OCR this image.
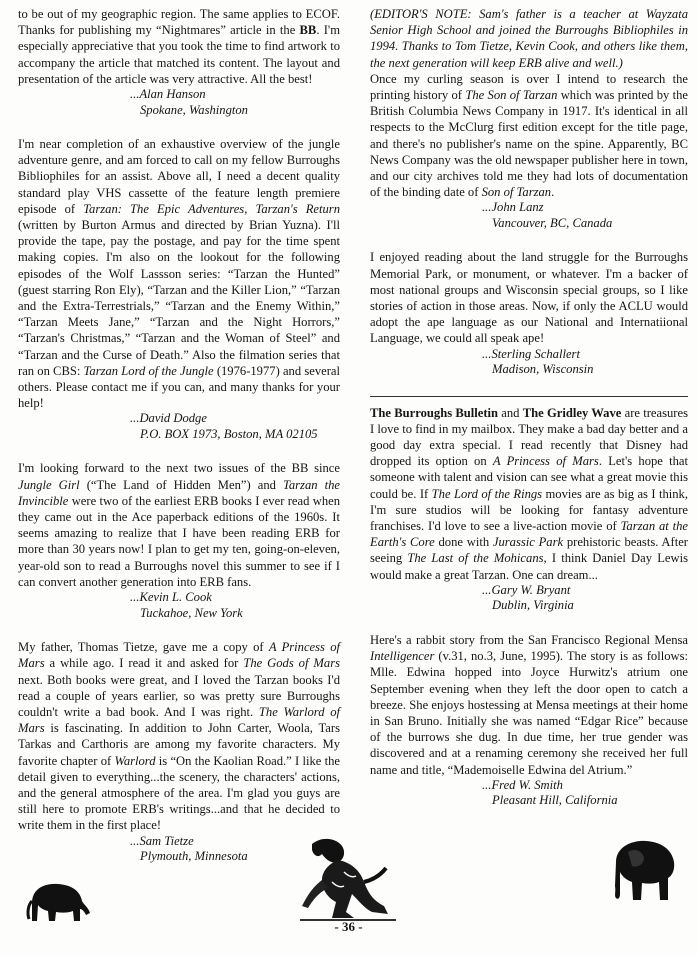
to be out of my geographic region. The same applies to ECOF. Thanks for publishing my “Nightmares” article in the BB. I'm especially appreciative that you took the time to find artwork to accompany the article that matched its content. The layout and presentation of the article was very attractive. All the best!

...Alan Hanson
Spokane, Washington

I'm near completion of an exhaustive overview of the jungle adventure genre, and am forced to call on my fellow Burroughs Bibliophiles for an assist. Above all, I need a decent quality standard play VHS cassette of the feature length premiere episode of Tarzan: The Epic Adventures, Tarzan's Return (written by Burton Armus and directed by Brian Yuzna). I'll provide the tape, pay the postage, and pay for the time spent making copies. I'm also on the lookout for the following episodes of the Wolf Lassson series: “Tarzan the Hunted” (guest starring Ron Ely), “Tarzan and the Killer Lion,” “Tarzan and the Extra-Terrestrials,” “Tarzan and the Enemy Within,” “Tarzan Meets Jane,” “Tarzan and the Night Horrors,” “Tarzan's Christmas,” “Tarzan and the Woman of Steel” and “Tarzan and the Curse of Death.” Also the filmation series that ran on CBS: Tarzan Lord of the Jungle (1976-1977) and several others. Please contact me if you can, and many thanks for your help!

...David Dodge
P.O. BOX 1973, Boston, MA 02105

I'm looking forward to the next two issues of the BB since Jungle Girl (“The Land of Hidden Men”) and Tarzan the Invincible were two of the earliest ERB books I ever read when they came out in the Ace paperback editions of the 1960s. It seems amazing to realize that I have been reading ERB for more than 30 years now! I plan to get my ten, going-on-eleven, year-old son to read a Burroughs novel this summer to see if I can convert another generation into ERB fans.

...Kevin L. Cook
Tuckahoe, New York

My father, Thomas Tietze, gave me a copy of A Princess of Mars a while ago. I read it and asked for The Gods of Mars next. Both books were great, and I loved the Tarzan books I'd read a couple of years earlier, so was pretty sure Burroughs couldn't write a bad book. And I was right. The Warlord of Mars is fascinating. In addition to John Carter, Woola, Tars Tarkas and Carthoris are among my favorite characters. My favorite chapter of Warlord is “On the Kaolian Road.” I like the detail given to everything...the scenery, the characters' actions, and the general atmosphere of the area. I'm glad you guys are still here to promote ERB's writings...and that he decided to write them in the first place!

...Sam Tietze
Plymouth, Minnesota

(EDITOR'S NOTE: Sam's father is a teacher at Wayzata Senior High School and joined the Burroughs Bibliophiles in 1994. Thanks to Tom Tietze, Kevin Cook, and others like them, the next generation will keep ERB alive and well.)

Once my curling season is over I intend to research the printing history of The Son of Tarzan which was printed by the British Columbia News Company in 1917. It's identical in all respects to the McClurg first edition except for the title page, and there's no publisher's name on the spine. Apparently, BC News Company was the old newspaper publisher here in town, and our city archives told me they had lots of documentation of the binding date of Son of Tarzan.

...John Lanz
Vancouver, BC, Canada

I enjoyed reading about the land struggle for the Burroughs Memorial Park, or monument, or whatever. I'm a backer of most national groups and Wisconsin special groups, so I like stories of action in those areas. Now, if only the ACLU would adopt the ape language as our National and Internatiional Language, we could all speak ape!

...Sterling Schallert
Madison, Wisconsin

The Burroughs Bulletin and The Gridley Wave are treasures I love to find in my mailbox. They make a bad day better and a good day extra special. I read recently that Disney had dropped its option on A Princess of Mars. Let's hope that someone with talent and vision can see what a great movie this could be. If The Lord of the Rings movies are as big as I think, I'm sure studios will be looking for fantasy adventure franchises. I'd love to see a live-action movie of Tarzan at the Earth's Core done with Jurassic Park prehistoric beasts. After seeing The Last of the Mohicans, I think Daniel Day Lewis would make a great Tarzan. One can dream...

...Gary W. Bryant
Dublin, Virginia

Here's a rabbit story from the San Francisco Regional Mensa Intelligencer (v.31, no.3, June, 1995). The story is as follows: Mlle. Edwina hopped into Joyce Hurwitz's atrium one September evening when they left the door open to catch a breeze. She enjoys hostessing at Mensa meetings at their home in San Bruno. Initially she was named “Edgar Rice” because of the burrows she dug. In due time, her true gender was discovered and at a renaming ceremony she received her full name and title, “Mademoiselle Edwina del Atrium.”

...Fred W. Smith
Pleasant Hill, California
- 36 -
